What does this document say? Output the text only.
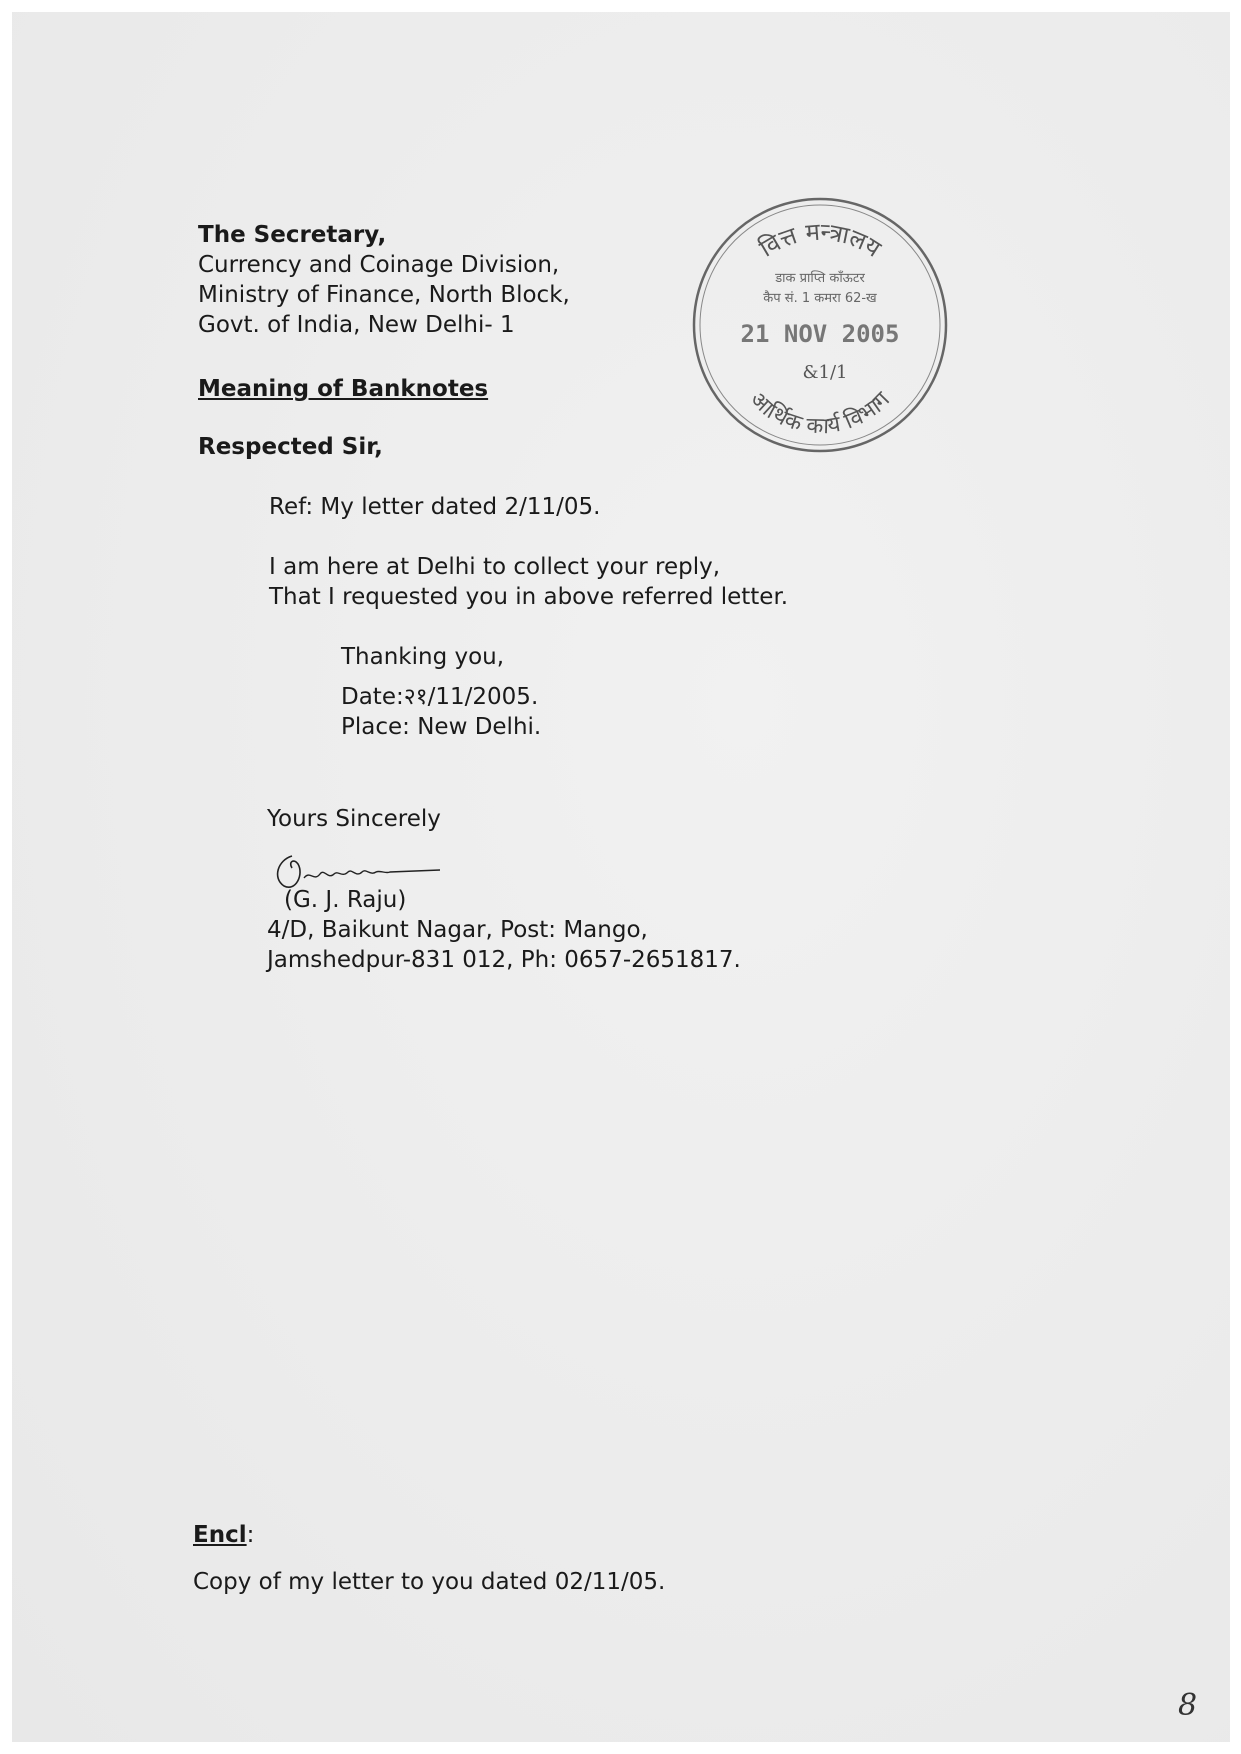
The Secretary,
Currency and Coinage Division,
Ministry of Finance, North Block,
Govt. of India, New Delhi- 1
Meaning of Banknotes
Respected Sir,
Ref: My letter dated 2/11/05.
I am here at Delhi to collect your reply,
That I requested you in above referred letter.
Thanking you,
Date:२१/11/2005.
Place: New Delhi.
Yours Sincerely
(G. J. Raju)
4/D, Baikunt Nagar, Post: Mango,
Jamshedpur-831 012, Ph: 0657-2651817.
Encl:
Copy of my letter to you dated 02/11/05.
8
वित्त मन्त्रालय
डाक प्राप्ति काँऊटर
कैप सं. 1 कमरा 62-ख
21 NOV 2005
&1/1
आर्थिक कार्य विभाग
